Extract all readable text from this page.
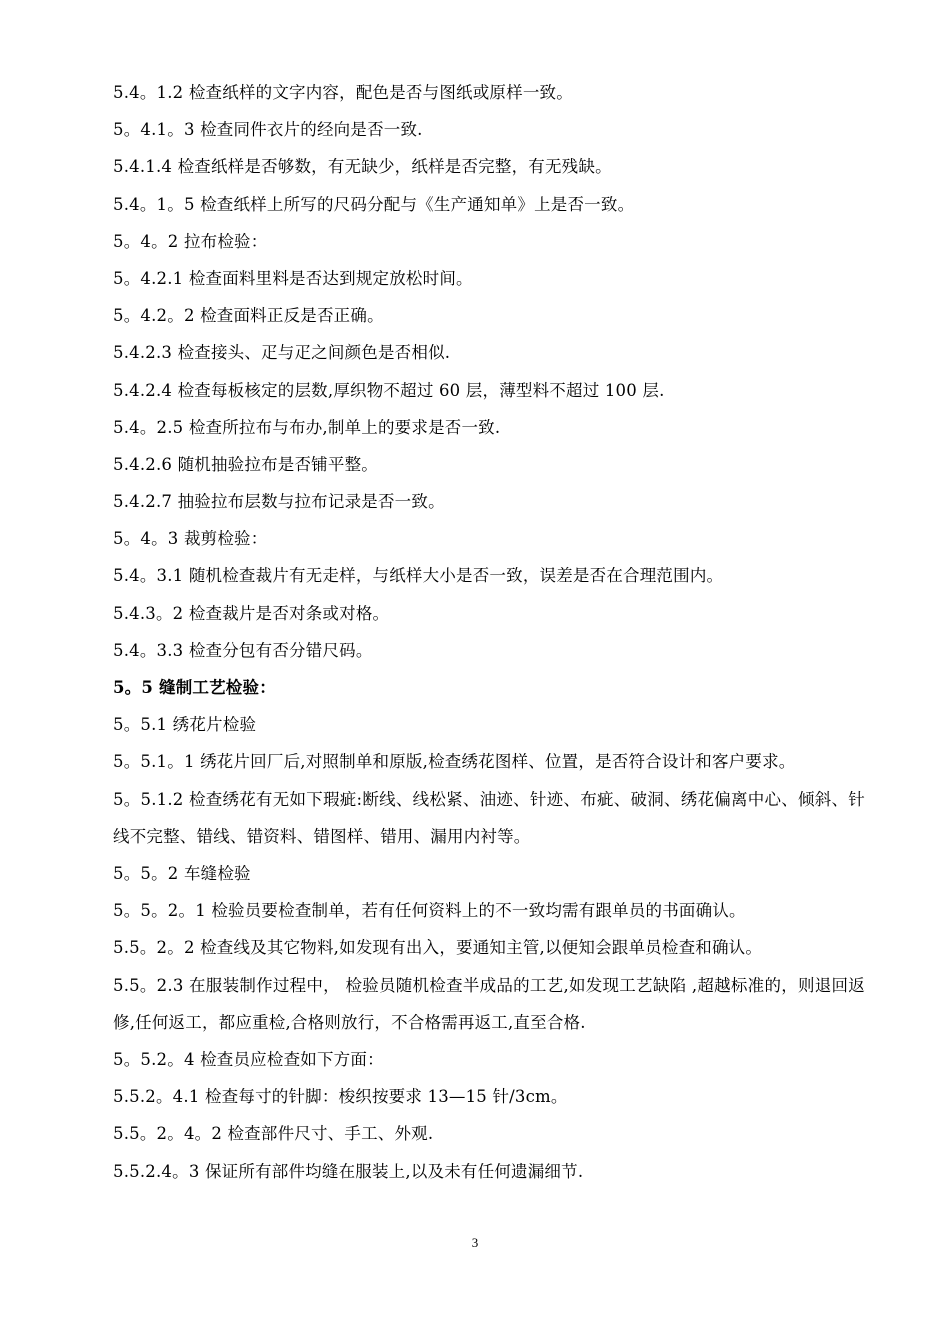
5.4。1.2 检查纸样的文字内容，配色是否与图纸或原样一致。
5。4.1。3 检查同件衣片的经向是否一致.
5.4.1.4 检查纸样是否够数，有无缺少，纸样是否完整，有无残缺。
5.4。1。5 检查纸样上所写的尺码分配与《生产通知单》上是否一致。
5。4。2 拉布检验：
5。4.2.1 检查面料里料是否达到规定放松时间。
5。4.2。2 检查面料正反是否正确。
5.4.2.3 检查接头、疋与疋之间颜色是否相似.
5.4.2.4 检查每板核定的层数,厚织物不超过 60 层，薄型料不超过 100 层.
5.4。2.5 检查所拉布与布办,制单上的要求是否一致.
5.4.2.6 随机抽验拉布是否铺平整。
5.4.2.7 抽验拉布层数与拉布记录是否一致。
5。4。3 裁剪检验：
5.4。3.1 随机检查裁片有无走样，与纸样大小是否一致，误差是否在合理范围内。
5.4.3。2 检查裁片是否对条或对格。
5.4。3.3 检查分包有否分错尺码。
5。5 缝制工艺检验：
5。5.1 绣花片检验
5。5.1。1 绣花片回厂后,对照制单和原版,检查绣花图样、位置，是否符合设计和客户要求。
5。5.1.2 检查绣花有无如下瑕疵:断线、线松紧、油迹、针迹、布疵、破洞、绣花偏离中心、倾斜、针线不完整、错线、错资料、错图样、错用、漏用内衬等。
5。5。2 车缝检验
5。5。2。1 检验员要检查制单，若有任何资料上的不一致均需有跟单员的书面确认。
5.5。2。2 检查线及其它物料,如发现有出入，要通知主管,以便知会跟单员检查和确认。
5.5。2.3 在服装制作过程中， 检验员随机检查半成品的工艺,如发现工艺缺陷 ,超越标准的，则退回返修,任何返工，都应重检,合格则放行，不合格需再返工,直至合格.
5。5.2。4 检查员应检查如下方面：
5.5.2。4.1 检查每寸的针脚：梭织按要求 13—15 针/3cm。
5.5。2。4。2 检查部件尺寸、手工、外观.
5.5.2.4。3 保证所有部件均缝在服装上,以及未有任何遗漏细节.
3
